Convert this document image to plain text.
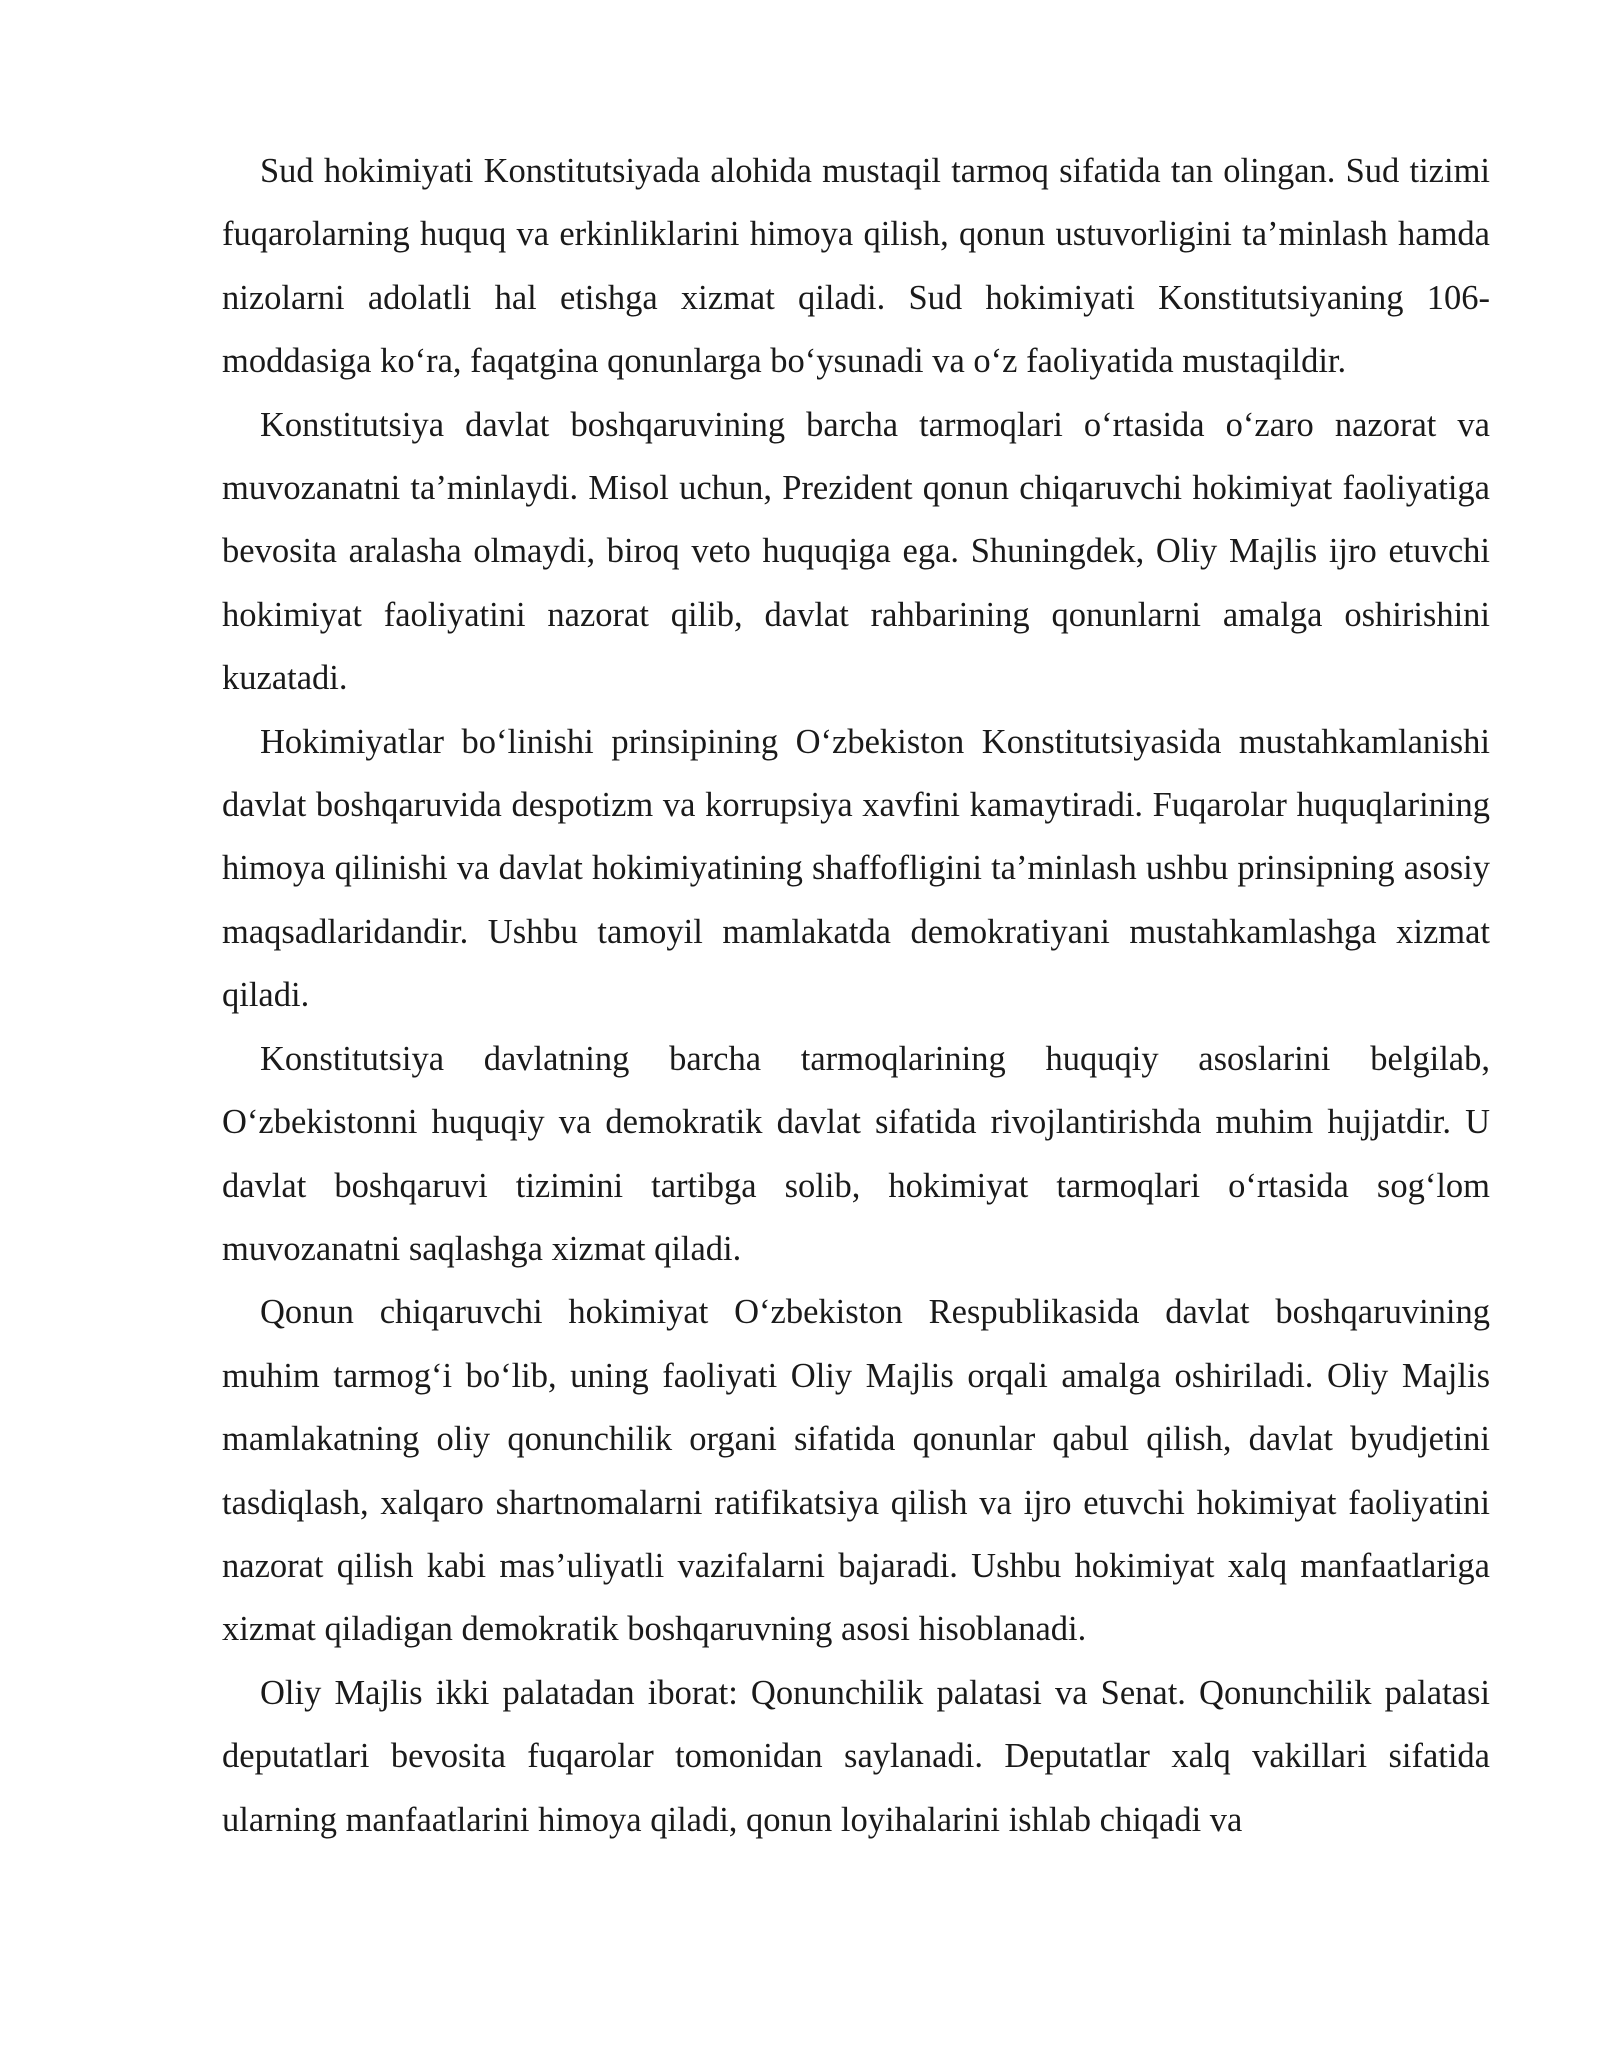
Sud hokimiyati Konstitutsiyada alohida mustaqil tarmoq sifatida tan olingan. Sud tizimi fuqarolarning huquq va erkinliklarini himoya qilish, qonun ustuvorligini ta’minlash hamda nizolarni adolatli hal etishga xizmat qiladi. Sud hokimiyati Konstitutsiyaning 106-moddasiga ko‘ra, faqatgina qonunlarga bo‘ysunadi va o‘z faoliyatida mustaqildir.

Konstitutsiya davlat boshqaruvining barcha tarmoqlari o‘rtasida o‘zaro nazorat va muvozanatni ta’minlaydi. Misol uchun, Prezident qonun chiqaruvchi hokimiyat faoliyatiga bevosita aralasha olmaydi, biroq veto huquqiga ega. Shuningdek, Oliy Majlis ijro etuvchi hokimiyat faoliyatini nazorat qilib, davlat rahbarining qonunlarni amalga oshirishini kuzatadi.

Hokimiyatlar bo‘linishi prinsipining O‘zbekiston Konstitutsiyasida mustahkamlanishi davlat boshqaruvida despotizm va korrupsiya xavfini kamaytiradi. Fuqarolar huquqlarining himoya qilinishi va davlat hokimiyatining shaffofligini ta’minlash ushbu prinsipning asosiy maqsadlaridandir. Ushbu tamoyil mamlakatda demokratiyani mustahkamlashga xizmat qiladi.

Konstitutsiya davlatning barcha tarmoqlarining huquqiy asoslarini belgilab, O‘zbekistonni huquqiy va demokratik davlat sifatida rivojlantirishda muhim hujjatdir. U davlat boshqaruvi tizimini tartibga solib, hokimiyat tarmoqlari o‘rtasida sog‘lom muvozanatni saqlashga xizmat qiladi.

Qonun chiqaruvchi hokimiyat O‘zbekiston Respublikasida davlat boshqaruvining muhim tarmog‘i bo‘lib, uning faoliyati Oliy Majlis orqali amalga oshiriladi. Oliy Majlis mamlakatning oliy qonunchilik organi sifatida qonunlar qabul qilish, davlat byudjetini tasdiqlash, xalqaro shartnomalarni ratifikatsiya qilish va ijro etuvchi hokimiyat faoliyatini nazorat qilish kabi mas’uliyatli vazifalarni bajaradi. Ushbu hokimiyat xalq manfaatlariga xizmat qiladigan demokratik boshqaruvning asosi hisoblanadi.

Oliy Majlis ikki palatadan iborat: Qonunchilik palatasi va Senat. Qonunchilik palatasi deputatlari bevosita fuqarolar tomonidan saylanadi. Deputatlar xalq vakillari sifatida ularning manfaatlarini himoya qiladi, qonun loyihalarini ishlab chiqadi va
